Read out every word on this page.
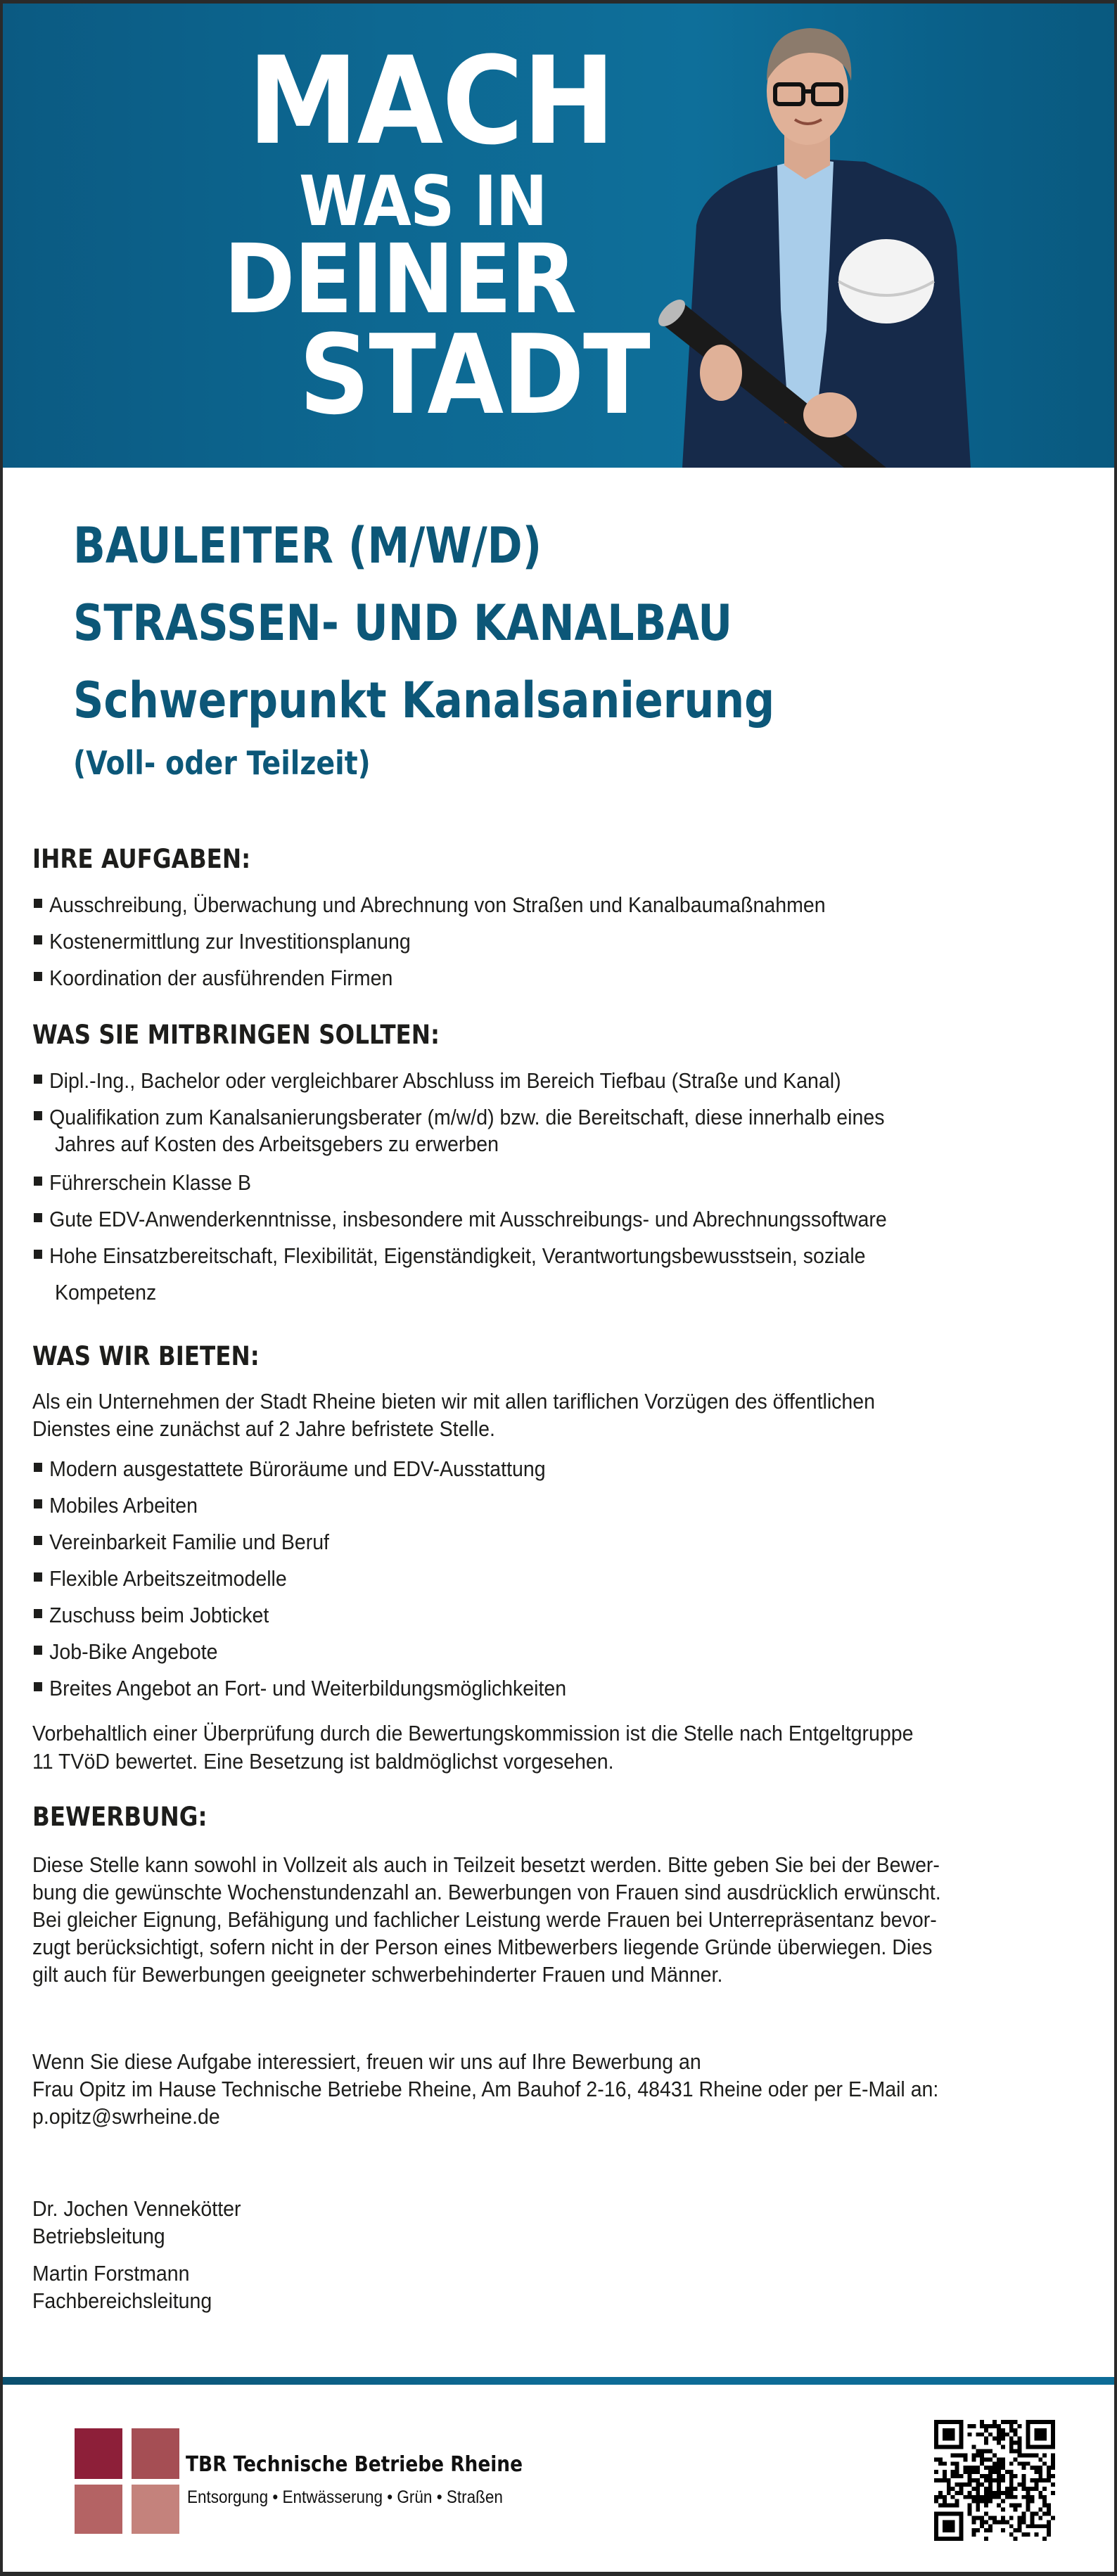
MACH
WAS IN
DEINER
STADT
BAULEITER (M/W/D)
STRASSEN- UND KANALBAU
Schwerpunkt Kanalsanierung
(Voll- oder Teilzeit)
IHRE AUFGABEN:
Ausschreibung, Überwachung und Abrechnung von Straßen und Kanalbaumaßnahmen
Kostenermittlung zur Investitionsplanung
Koordination der ausführenden Firmen
WAS SIE MITBRINGEN SOLLTEN:
Dipl.-Ing., Bachelor oder vergleichbarer Abschluss im Bereich Tiefbau (Straße und Kanal)
Qualifikation zum Kanalsanierungsberater (m/w/d) bzw. die Bereitschaft, diese innerhalb eines
Jahres auf Kosten des Arbeitsgebers zu erwerben
Führerschein Klasse B
Gute EDV-Anwenderkenntnisse, insbesondere mit Ausschreibungs- und Abrechnungssoftware
Hohe Einsatzbereitschaft, Flexibilität, Eigenständigkeit, Verantwortungsbewusstsein, soziale
Kompetenz
WAS WIR BIETEN:
Als ein Unternehmen der Stadt Rheine bieten wir mit allen tariflichen Vorzügen des öffentlichen
Dienstes eine zunächst auf 2 Jahre befristete Stelle.
Modern ausgestattete Büroräume und EDV-Ausstattung
Mobiles Arbeiten
Vereinbarkeit Familie und Beruf
Flexible Arbeitszeitmodelle
Zuschuss beim Jobticket
Job-Bike Angebote
Breites Angebot an Fort- und Weiterbildungsmöglichkeiten
Vorbehaltlich einer Überprüfung durch die Bewertungskommission ist die Stelle nach Entgeltgruppe
11 TVöD bewertet. Eine Besetzung ist baldmöglichst vorgesehen.
BEWERBUNG:
Diese Stelle kann sowohl in Vollzeit als auch in Teilzeit besetzt werden. Bitte geben Sie bei der Bewer-
bung die gewünschte Wochenstundenzahl an. Bewerbungen von Frauen sind ausdrücklich erwünscht.
Bei gleicher Eignung, Befähigung und fachlicher Leistung werde Frauen bei Unterrepräsentanz bevor-
zugt berücksichtigt, sofern nicht in der Person eines Mitbewerbers liegende Gründe überwiegen. Dies
gilt auch für Bewerbungen geeigneter schwerbehinderter Frauen und Männer.
Wenn Sie diese Aufgabe interessiert, freuen wir uns auf Ihre Bewerbung an
Frau Opitz im Hause Technische Betriebe Rheine, Am Bauhof 2-16, 48431 Rheine oder per E-Mail an:
p.opitz@swrheine.de
Dr. Jochen Vennekötter
Betriebsleitung
Martin Forstmann
Fachbereichsleitung
TBR Technische Betriebe Rheine
Entsorgung • Entwässerung • Grün • Straßen
